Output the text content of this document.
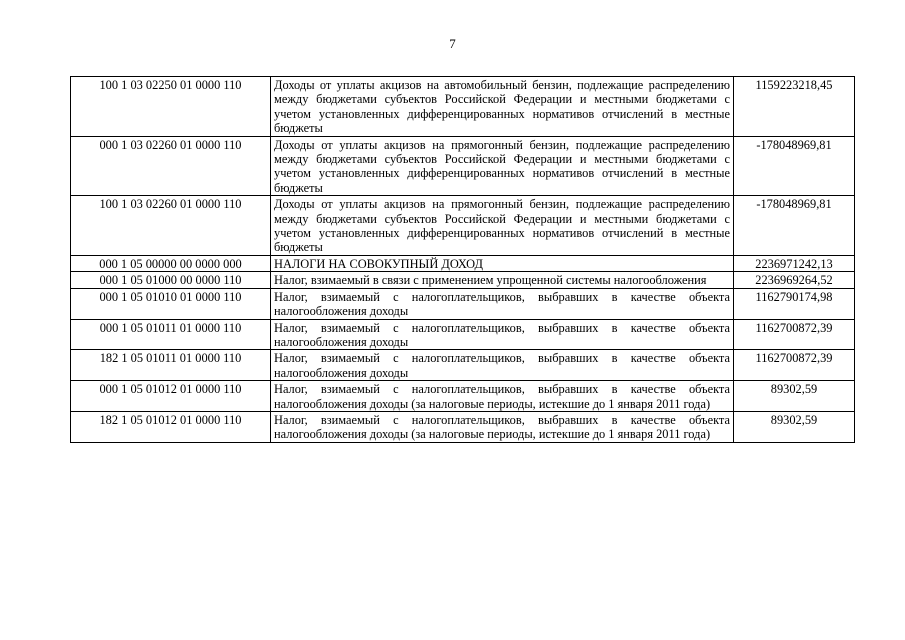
7
100 1 03 02250 01 0000 110	Доходы от уплаты акцизов на автомобильный бензин, подлежащие распределению между бюджетами субъектов Российской Федерации и местными бюджетами с учетом установленных дифференцированных нормативов отчислений в местные бюджеты	1159223218,45
000 1 03 02260 01 0000 110	Доходы от уплаты акцизов на прямогонный бензин, подлежащие распределению между бюджетами субъектов Российской Федерации и местными бюджетами с учетом установленных дифференцированных нормативов отчислений в местные бюджеты	-178048969,81
100 1 03 02260 01 0000 110	Доходы от уплаты акцизов на прямогонный бензин, подлежащие распределению между бюджетами субъектов Российской Федерации и местными бюджетами с учетом установленных дифференцированных нормативов отчислений в местные бюджеты	-178048969,81
000 1 05 00000 00 0000 000	НАЛОГИ НА СОВОКУПНЫЙ ДОХОД	2236971242,13
000 1 05 01000 00 0000 110	Налог, взимаемый в связи с применением упрощенной системы налогообложения	2236969264,52
000 1 05 01010 01 0000 110	Налог, взимаемый с налогоплательщиков, выбравших в качестве объекта налогообложения доходы	1162790174,98
000 1 05 01011 01 0000 110	Налог, взимаемый с налогоплательщиков, выбравших в качестве объекта налогообложения доходы	1162700872,39
182 1 05 01011 01 0000 110	Налог, взимаемый с налогоплательщиков, выбравших в качестве объекта налогообложения доходы	1162700872,39
000 1 05 01012 01 0000 110	Налог, взимаемый с налогоплательщиков, выбравших в качестве объекта налогообложения доходы (за налоговые периоды, истекшие до 1 января 2011 года)	89302,59
182 1 05 01012 01 0000 110	Налог, взимаемый с налогоплательщиков, выбравших в качестве объекта налогообложения доходы (за налоговые периоды, истекшие до 1 января 2011 года)	89302,59
